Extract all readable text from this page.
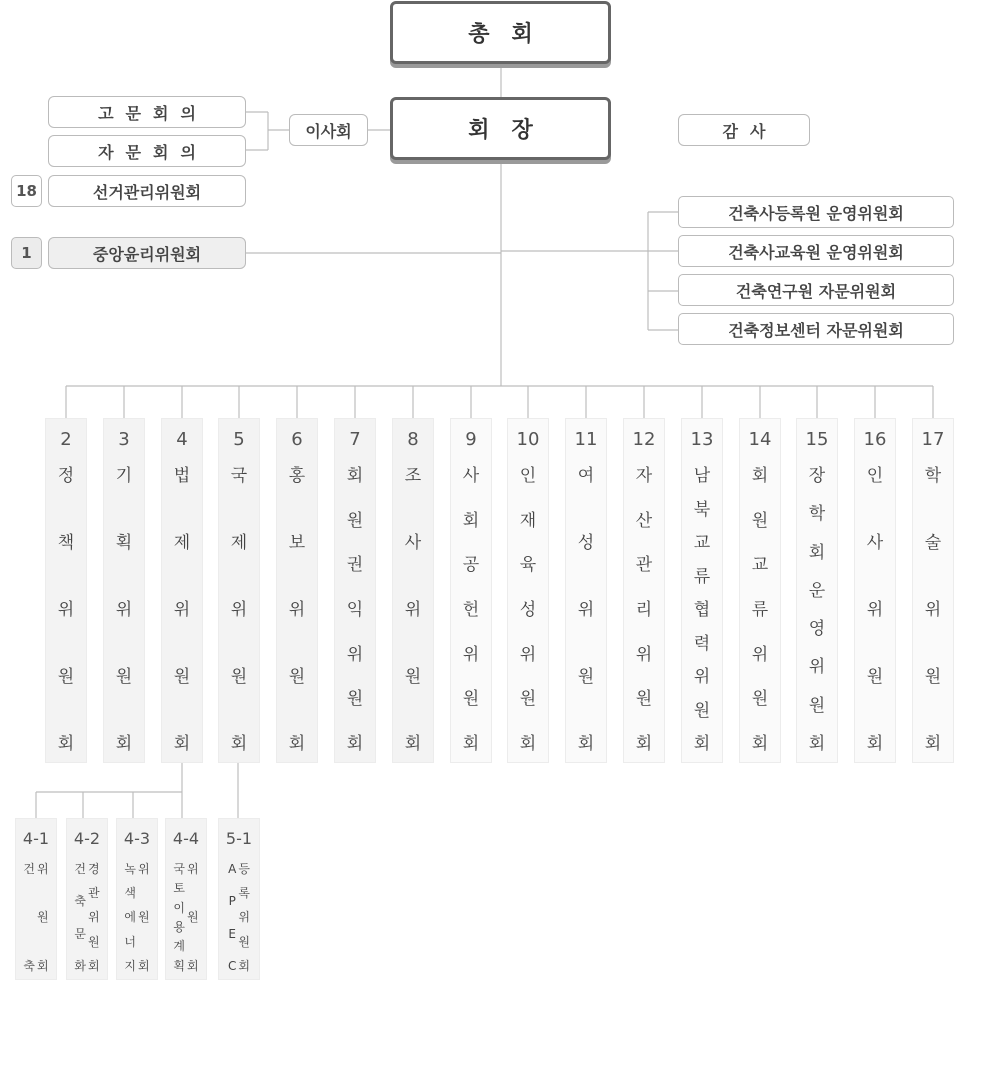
총회
회장
이사회	감사
고문회의
자문회의
18	선거관리위원회
1	중앙윤리위원회
건축사등록원 운영위원회
건축사교육원 운영위원회
건축연구원 자문위원회
건축정보센터 자문위원회
2
정
책
위
원
회
3
기
획
위
원
회
4
법
제
위
원
회
5
국
제
위
원
회
6
홍
보
위
원
회
7
회
원
권
익
위
원
회
8
조
사
위
원
회
9
사
회
공
헌
위
원
회
10
인
재
육
성
위
원
회
11
여
성
위
원
회
12
자
산
관
리
위
원
회
13
남
북
교
류
협
력
위
원
회
14
회
원
교
류
위
원
회
15
장
학
회
운
영
위
원
회
16
인
사
위
원
회
17
학
술
위
원
회
4-1
건
축
위
원
회
4-2
건
축
문
화
경
관
위
원
회
4-3
녹
색
에
너
지
위
원
회
4-4
국
토
이
용
계
획
위
원
회
5-1
A
P
E
C
등
록
위
원
회
